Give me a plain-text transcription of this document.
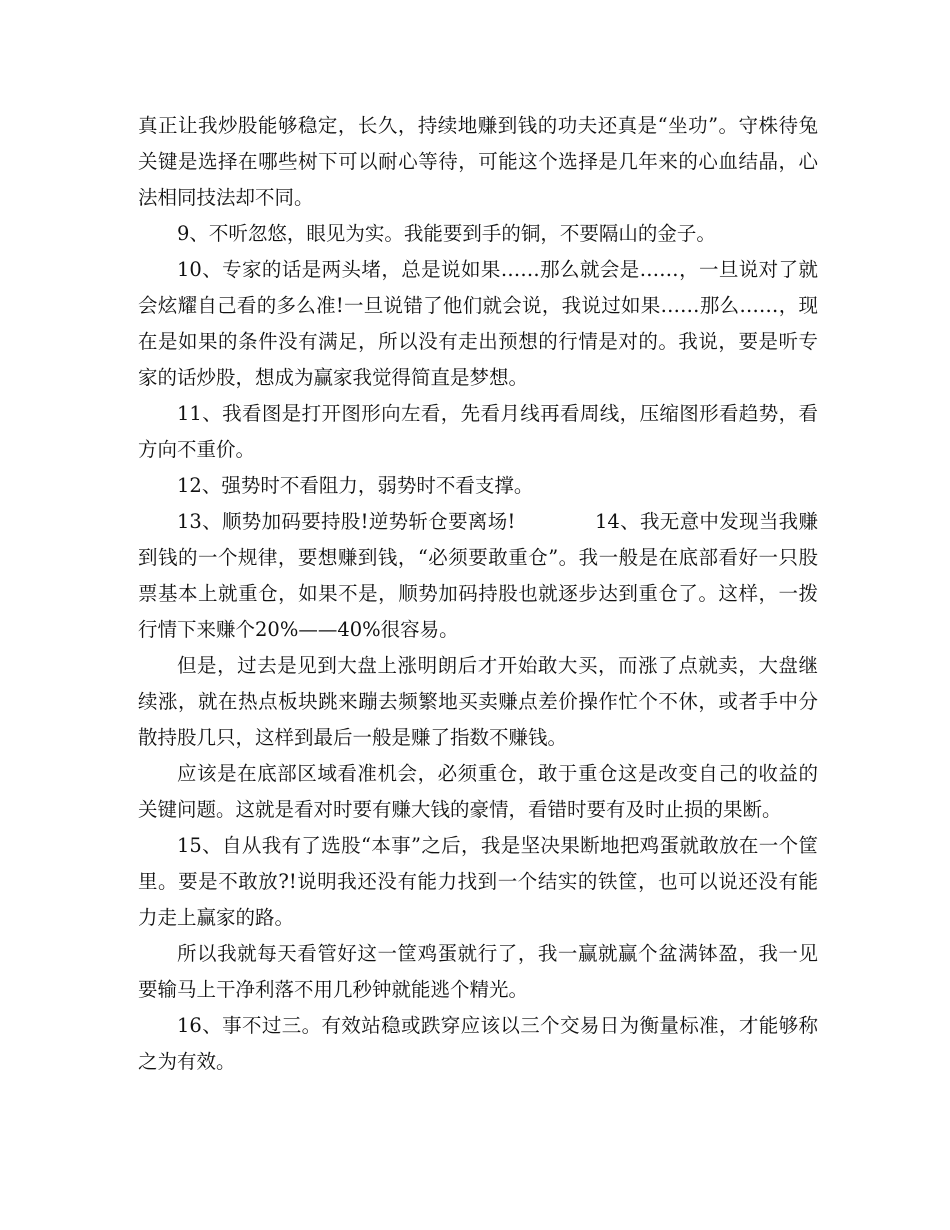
真正让我炒股能够稳定，长久，持续地赚到钱的功夫还真是“坐功”。守株待兔关键是选择在哪些树下可以耐心等待，可能这个选择是几年来的心血结晶，心法相同技法却不同。

9、不听忽悠，眼见为实。我能要到手的铜，不要隔山的金子。

10、专家的话是两头堵，总是说如果……那么就会是……，一旦说对了就会炫耀自己看的多么准!一旦说错了他们就会说，我说过如果……那么……，现在是如果的条件没有满足，所以没有走出预想的行情是对的。我说，要是听专家的话炒股，想成为赢家我觉得简直是梦想。

11、我看图是打开图形向左看，先看月线再看周线，压缩图形看趋势，看方向不重价。

12、强势时不看阻力，弱势时不看支撑。

13、顺势加码要持股!逆势斩仓要离场!　　　　14、我无意中发现当我赚到钱的一个规律，要想赚到钱，“必须要敢重仓”。我一般是在底部看好一只股票基本上就重仓，如果不是，顺势加码持股也就逐步达到重仓了。这样，一拨行情下来赚个20%——40%很容易。

但是，过去是见到大盘上涨明朗后才开始敢大买，而涨了点就卖，大盘继续涨，就在热点板块跳来蹦去频繁地买卖赚点差价操作忙个不休，或者手中分散持股几只，这样到最后一般是赚了指数不赚钱。

应该是在底部区域看准机会，必须重仓，敢于重仓这是改变自己的收益的关键问题。这就是看对时要有赚大钱的豪情，看错时要有及时止损的果断。

15、自从我有了选股“本事”之后，我是坚决果断地把鸡蛋就敢放在一个筐里。要是不敢放?!说明我还没有能力找到一个结实的铁筐，也可以说还没有能力走上赢家的路。

所以我就每天看管好这一筐鸡蛋就行了，我一赢就赢个盆满钵盈，我一见要输马上干净利落不用几秒钟就能逃个精光。

16、事不过三。有效站稳或跌穿应该以三个交易日为衡量标准，才能够称之为有效。
